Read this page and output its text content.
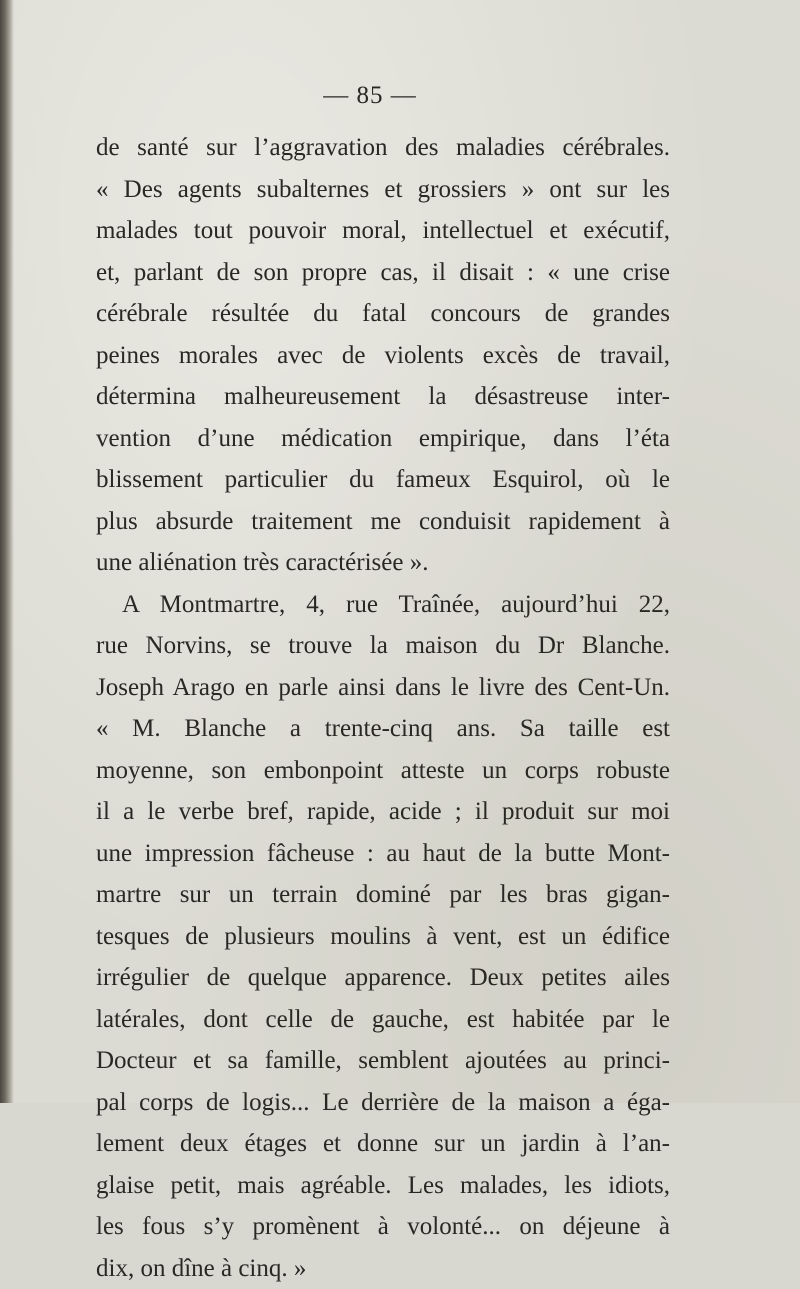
— 85 —
de santé sur l’aggravation des maladies cérébrales.
« Des agents subalternes et grossiers » ont sur les
malades tout pouvoir moral, intellectuel et exécutif,
et, parlant de son propre cas, il disait : « une crise
cérébrale résultée du fatal concours de grandes
peines morales avec de violents excès de travail,
détermina malheureusement la désastreuse inter-
vention d’une médication empirique, dans l’éta
blissement particulier du fameux Esquirol, où le
plus absurde traitement me conduisit rapidement à
une aliénation très caractérisée ».
A Montmartre, 4, rue Traînée, aujourd’hui 22,
rue Norvins, se trouve la maison du Dr Blanche.
Joseph Arago en parle ainsi dans le livre des Cent-Un.
« M. Blanche a trente-cinq ans. Sa taille est
moyenne, son embonpoint atteste un corps robuste
il a le verbe bref, rapide, acide ; il produit sur moi
une impression fâcheuse : au haut de la butte Mont-
martre sur un terrain dominé par les bras gigan-
tesques de plusieurs moulins à vent, est un édifice
irrégulier de quelque apparence. Deux petites ailes
latérales, dont celle de gauche, est habitée par le
Docteur et sa famille, semblent ajoutées au princi-
pal corps de logis... Le derrière de la maison a éga-
lement deux étages et donne sur un jardin à l’an-
glaise petit, mais agréable. Les malades, les idiots,
les fous s’y promènent à volonté... on déjeune à
dix, on dîne à cinq. »
